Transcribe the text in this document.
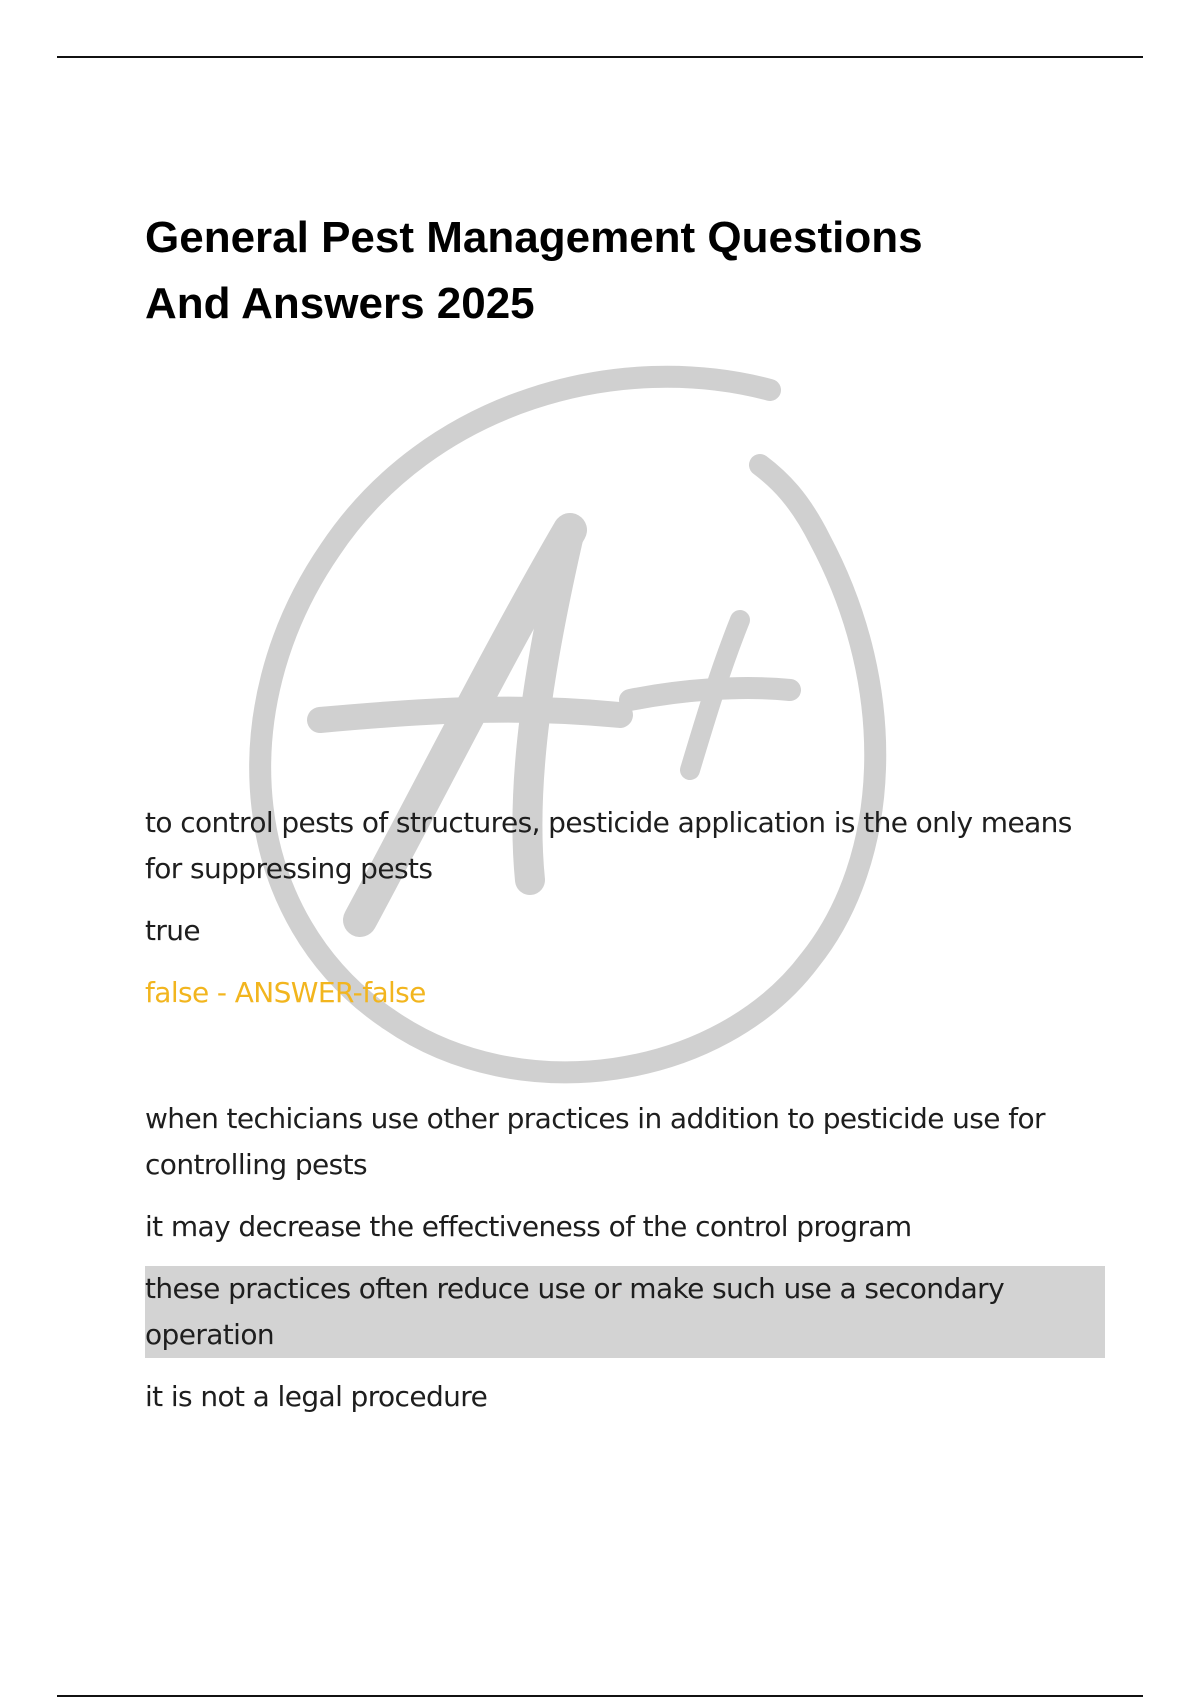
General Pest Management Questions
And Answers 2025

to control pests of structures, pesticide application is the only means for suppressing pests

true

false - ANSWER-false

when techicians use other practices in addition to pesticide use for controlling pests

it may decrease the effectiveness of the control program

these practices often reduce use or make such use a secondary operation

it is not a legal procedure
